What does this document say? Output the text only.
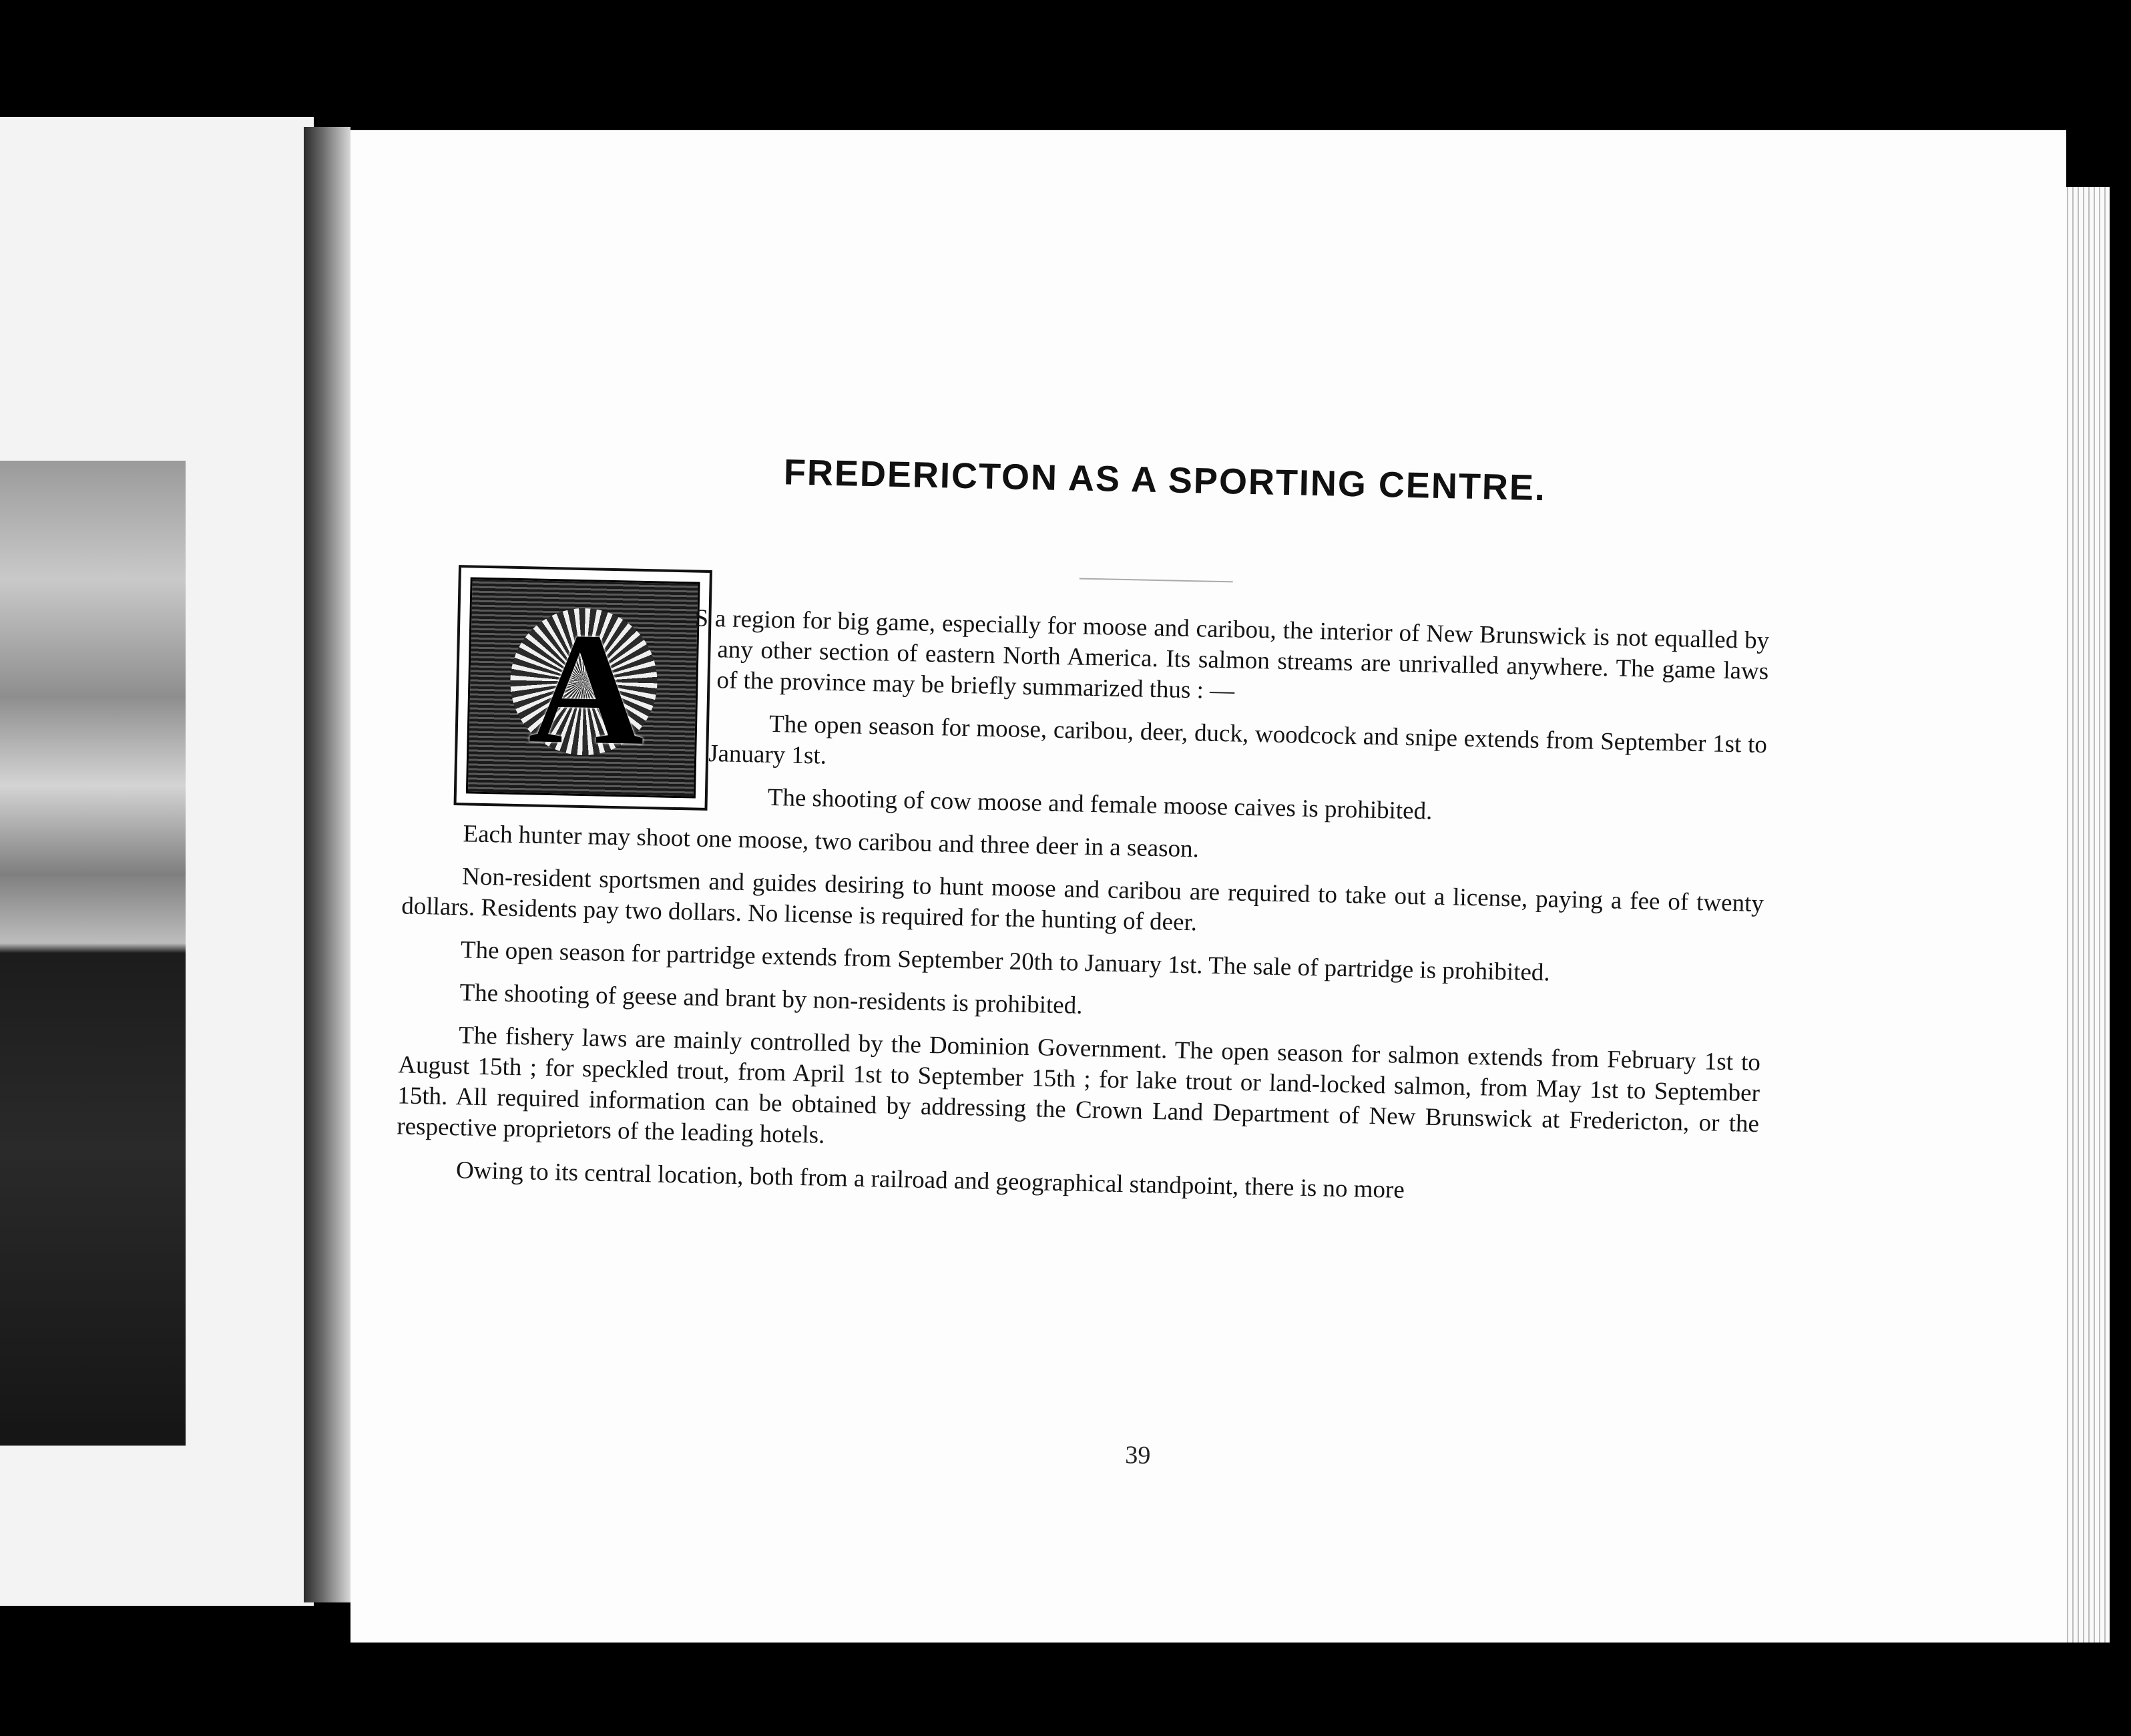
FREDERICTON AS A SPORTING CENTRE.
A S a region for big game, especially for moose and caribou, the interior of New Brunswick is not equalled by any other section of eastern North America. Its salmon streams are unrivalled anywhere. The game laws of the province may be briefly summarized thus : —

The open season for moose, caribou, deer, duck, woodcock and snipe extends from September 1st to January 1st.

The shooting of cow moose and female moose caives is prohibited.

Each hunter may shoot one moose, two caribou and three deer in a season.

Non-resident sportsmen and guides desiring to hunt moose and caribou are required to take out a license, paying a fee of twenty dollars. Residents pay two dollars. No license is required for the hunting of deer.

The open season for partridge extends from September 20th to January 1st. The sale of partridge is prohibited.

The shooting of geese and brant by non-residents is prohibited.

The fishery laws are mainly controlled by the Dominion Government. The open season for salmon extends from February 1st to August 15th ; for speckled trout, from April 1st to September 15th ; for lake trout or land-locked salmon, from May 1st to September 15th. All required information can be obtained by addressing the Crown Land Department of New Brunswick at Fredericton, or the respective proprietors of the leading hotels.

Owing to its central location, both from a railroad and geographical standpoint, there is no more

39
